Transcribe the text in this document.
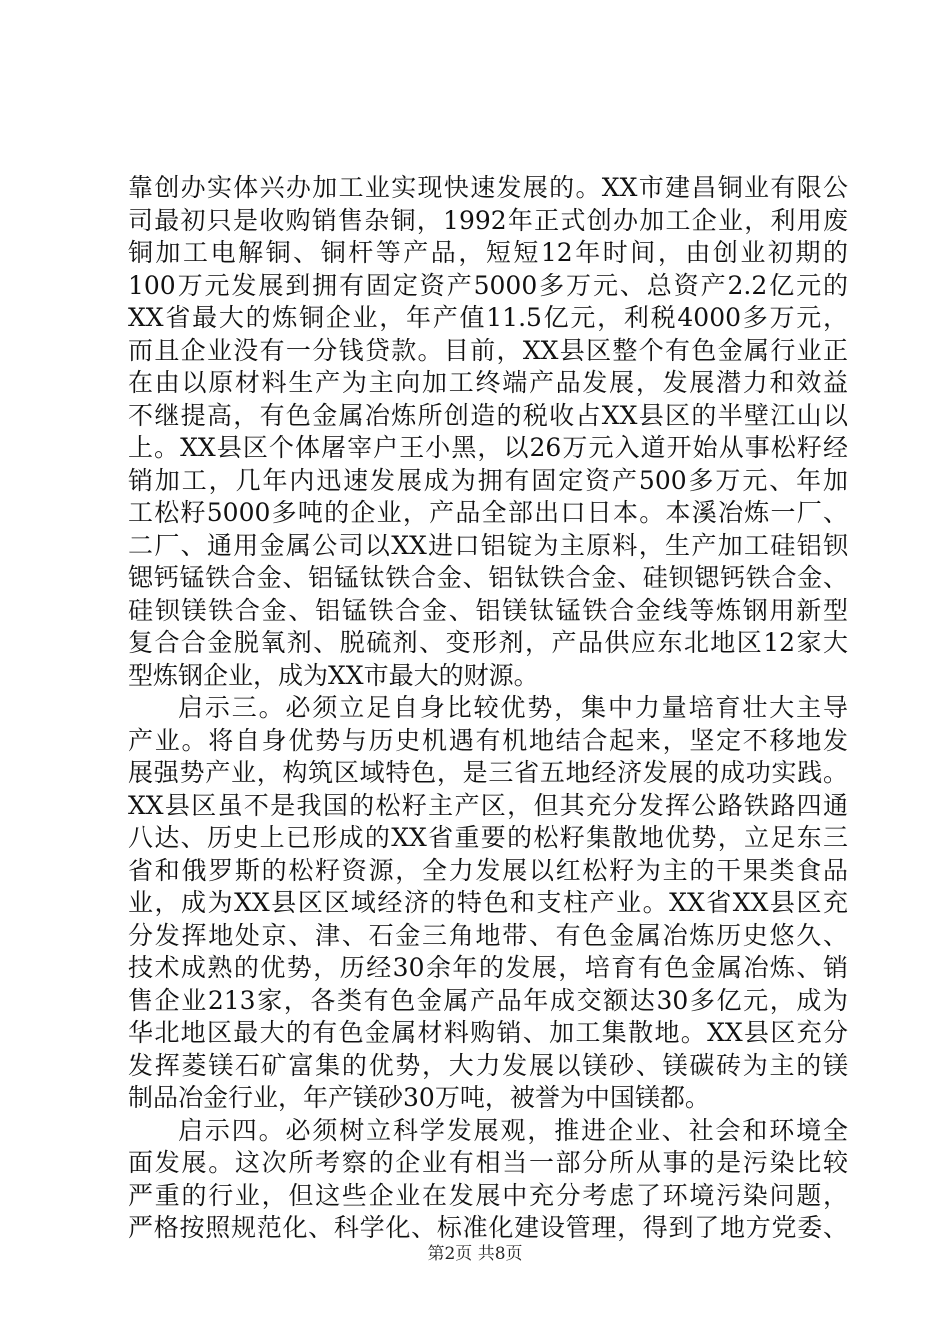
靠创办实体兴办加工业实现快速发展的。XX市建昌铜业有限公
司最初只是收购销售杂铜，1992年正式创办加工企业，利用废
铜加工电解铜、铜杆等产品，短短12年时间，由创业初期的
100万元发展到拥有固定资产5000多万元、总资产2.2亿元的
XX省最大的炼铜企业，年产值11.5亿元，利税4000多万元，
而且企业没有一分钱贷款。目前，XX县区整个有色金属行业正
在由以原材料生产为主向加工终端产品发展，发展潜力和效益
不继提高，有色金属冶炼所创造的税收占XX县区的半壁江山以
上。XX县区个体屠宰户王小黑，以26万元入道开始从事松籽经
销加工，几年内迅速发展成为拥有固定资产500多万元、年加
工松籽5000多吨的企业，产品全部出口日本。本溪冶炼一厂、
二厂、通用金属公司以XX进口铝锭为主原料，生产加工硅铝钡
锶钙锰铁合金、铝锰钛铁合金、铝钛铁合金、硅钡锶钙铁合金、
硅钡镁铁合金、铝锰铁合金、铝镁钛锰铁合金线等炼钢用新型
复合合金脱氧剂、脱硫剂、变形剂，产品供应东北地区12家大
型炼钢企业，成为XX市最大的财源。
启示三。必须立足自身比较优势，集中力量培育壮大主导
产业。将自身优势与历史机遇有机地结合起来，坚定不移地发
展强势产业，构筑区域特色，是三省五地经济发展的成功实践。
XX县区虽不是我国的松籽主产区，但其充分发挥公路铁路四通
八达、历史上已形成的XX省重要的松籽集散地优势，立足东三
省和俄罗斯的松籽资源，全力发展以红松籽为主的干果类食品
业，成为XX县区区域经济的特色和支柱产业。XX省XX县区充
分发挥地处京、津、石金三角地带、有色金属冶炼历史悠久、
技术成熟的优势，历经30余年的发展，培育有色金属冶炼、销
售企业213家，各类有色金属产品年成交额达30多亿元，成为
华北地区最大的有色金属材料购销、加工集散地。XX县区充分
发挥菱镁石矿富集的优势，大力发展以镁砂、镁碳砖为主的镁
制品冶金行业，年产镁砂30万吨，被誉为中国镁都。
启示四。必须树立科学发展观，推进企业、社会和环境全
面发展。这次所考察的企业有相当一部分所从事的是污染比较
严重的行业，但这些企业在发展中充分考虑了环境污染问题，
严格按照规范化、科学化、标准化建设管理，得到了地方党委、
第2页 共8页
